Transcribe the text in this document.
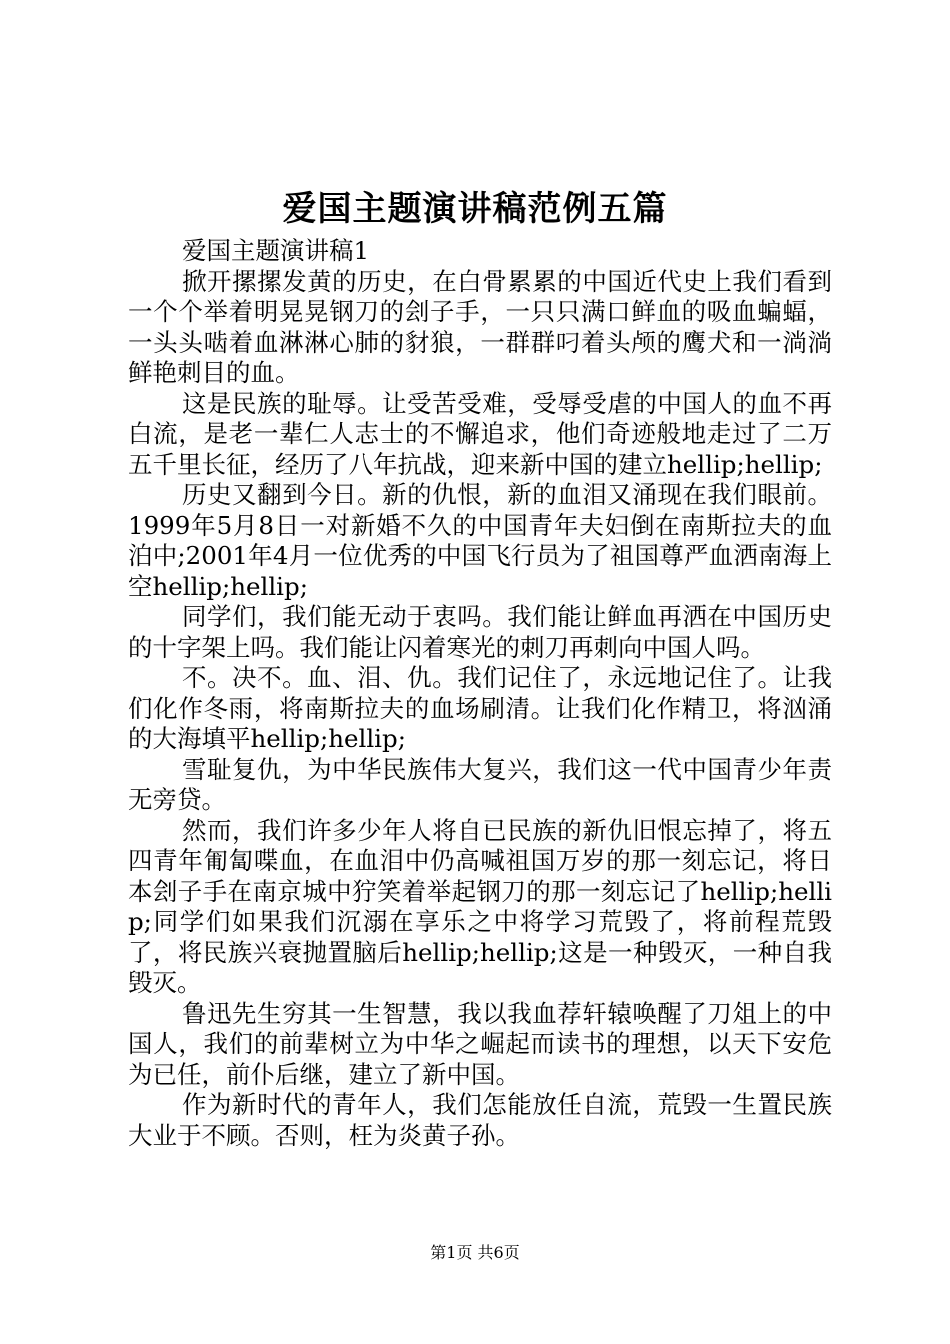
爱国主题演讲稿范例五篇

爱国主题演讲稿1

掀开摞摞发黄的历史，在白骨累累的中国近代史上我们看到一个个举着明晃晃钢刀的刽子手，一只只满口鲜血的吸血蝙蝠，一头头啮着血淋淋心肺的豺狼，一群群叼着头颅的鹰犬和一淌淌鲜艳刺目的血。

这是民族的耻辱。让受苦受难，受辱受虐的中国人的血不再白流，是老一辈仁人志士的不懈追求，他们奇迹般地走过了二万五千里长征，经历了八年抗战，迎来新中国的建立hellip;hellip;

历史又翻到今日。新的仇恨，新的血泪又涌现在我们眼前。1999年5月8日一对新婚不久的中国青年夫妇倒在南斯拉夫的血泊中;2001年4月一位优秀的中国飞行员为了祖国尊严血洒南海上空hellip;hellip;

同学们，我们能无动于衷吗。我们能让鲜血再洒在中国历史的十字架上吗。我们能让闪着寒光的刺刀再刺向中国人吗。

不。决不。血、泪、仇。我们记住了，永远地记住了。让我们化作冬雨，将南斯拉夫的血场刷清。让我们化作精卫，将汹涌的大海填平hellip;hellip;

雪耻复仇，为中华民族伟大复兴，我们这一代中国青少年责无旁贷。

然而，我们许多少年人将自已民族的新仇旧恨忘掉了，将五四青年匍匐喋血，在血泪中仍高喊祖国万岁的那一刻忘记，将日本刽子手在南京城中狞笑着举起钢刀的那一刻忘记了hellip;hellip;同学们如果我们沉溺在享乐之中将学习荒毁了，将前程荒毁了，将民族兴衰抛置脑后hellip;hellip;这是一种毁灭，一种自我毁灭。

鲁迅先生穷其一生智慧，我以我血荐轩辕唤醒了刀俎上的中国人，我们的前辈树立为中华之崛起而读书的理想，以天下安危为已任，前仆后继，建立了新中国。

作为新时代的青年人，我们怎能放任自流，荒毁一生置民族大业于不顾。否则，枉为炎黄子孙。

第1页 共6页
